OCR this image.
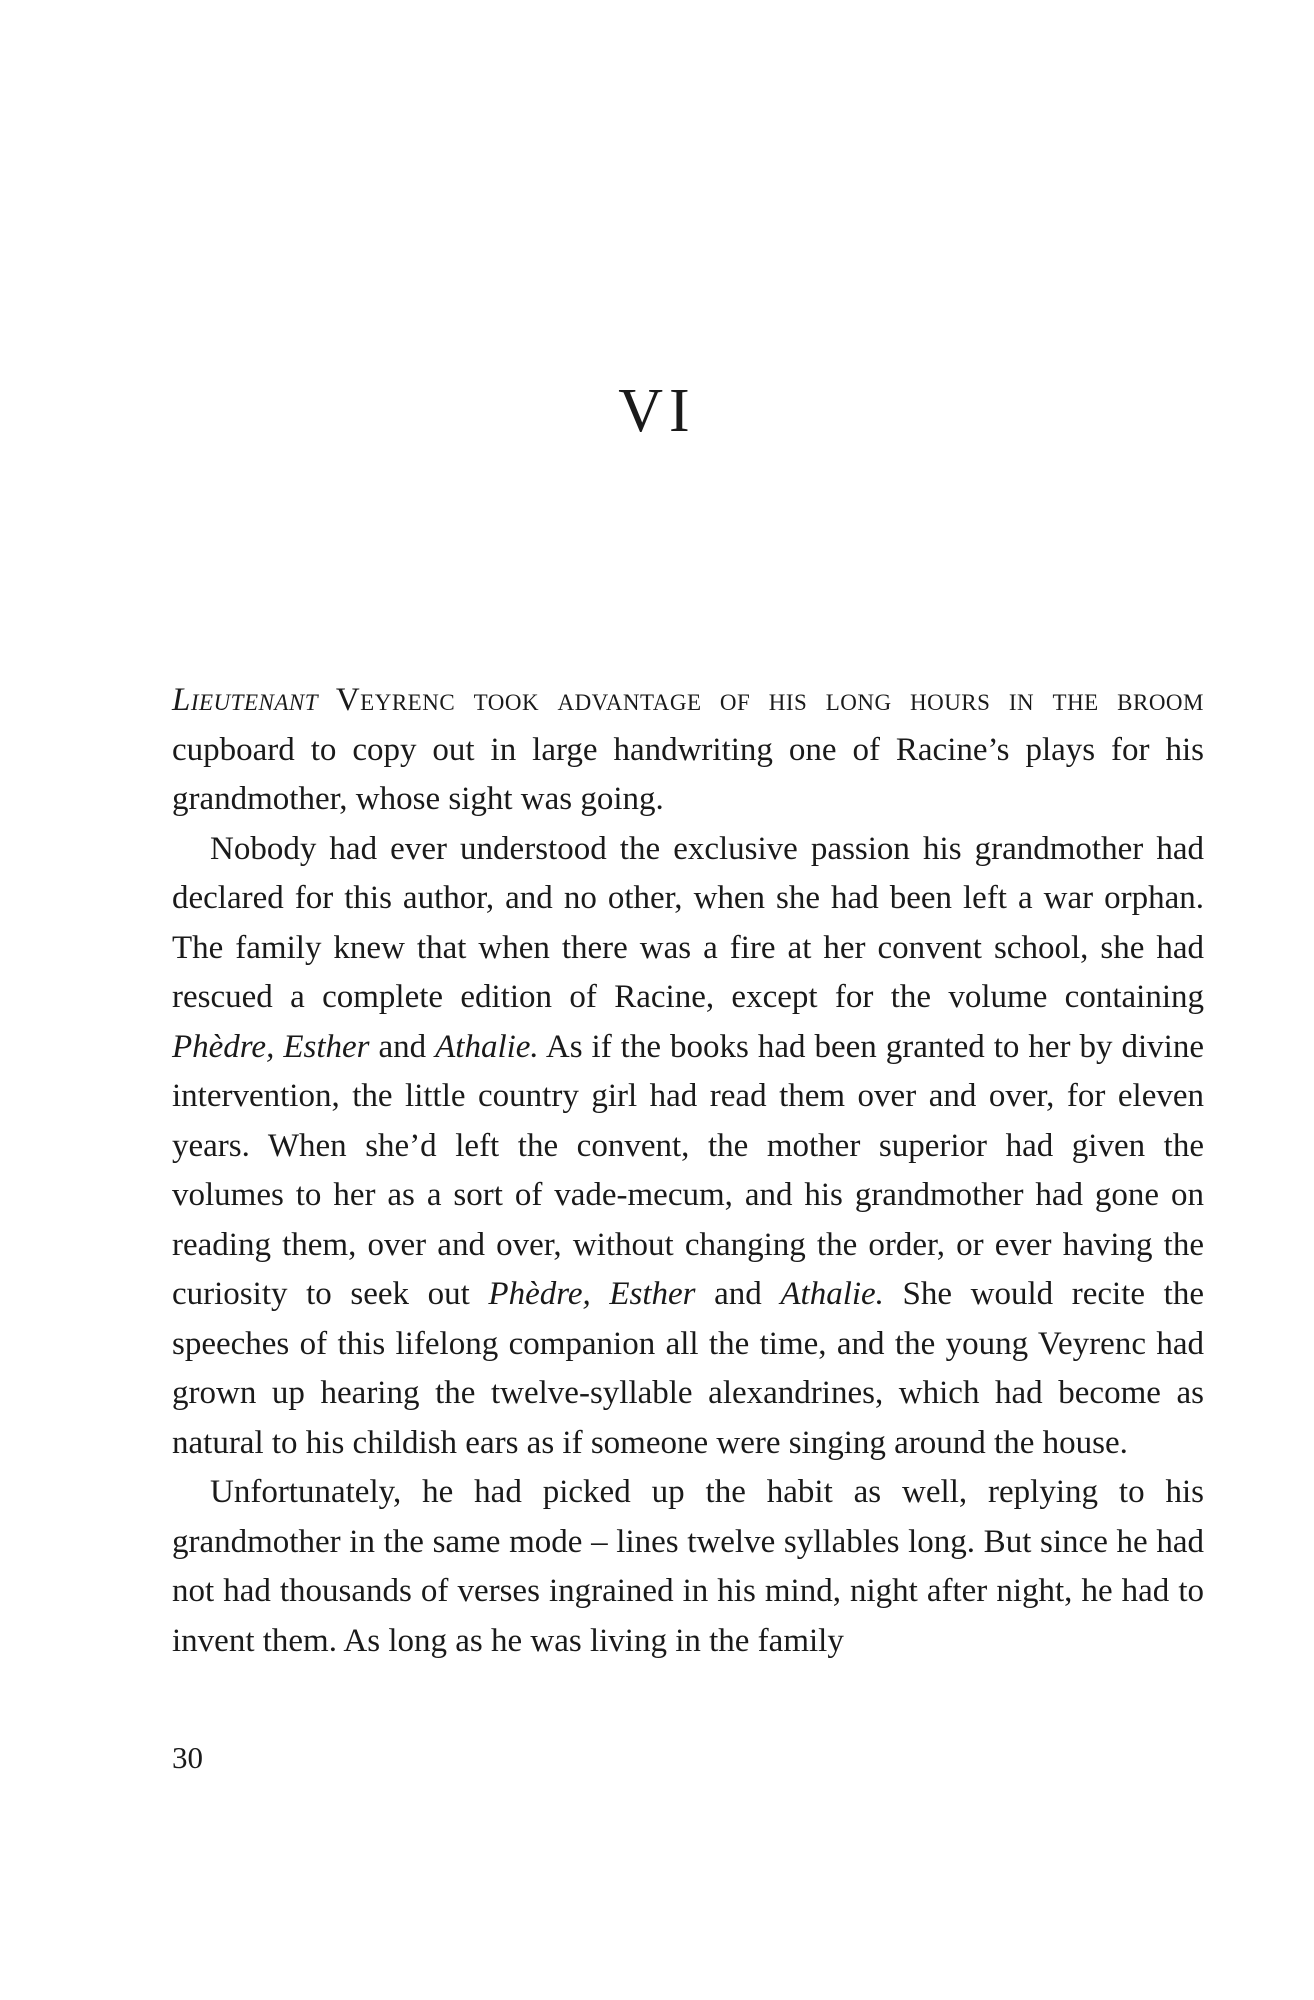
VI

Lieutenant Veyrenc took advantage of his long hours in the broom cupboard to copy out in large handwriting one of Racine’s plays for his grandmother, whose sight was going.

Nobody had ever understood the exclusive passion his grandmother had declared for this author, and no other, when she had been left a war orphan. The family knew that when there was a fire at her convent school, she had rescued a complete edition of Racine, except for the volume containing Phèdre, Esther and Athalie. As if the books had been granted to her by divine intervention, the little country girl had read them over and over, for eleven years. When she’d left the convent, the mother superior had given the volumes to her as a sort of vade-mecum, and his grandmother had gone on reading them, over and over, without changing the order, or ever having the curiosity to seek out Phèdre, Esther and Athalie. She would recite the speeches of this lifelong companion all the time, and the young Veyrenc had grown up hearing the twelve-syllable alexandrines, which had become as natural to his childish ears as if someone were singing around the house.

Unfortunately, he had picked up the habit as well, replying to his grandmother in the same mode – lines twelve syllables long. But since he had not had thousands of verses ingrained in his mind, night after night, he had to invent them. As long as he was living in the family

30
